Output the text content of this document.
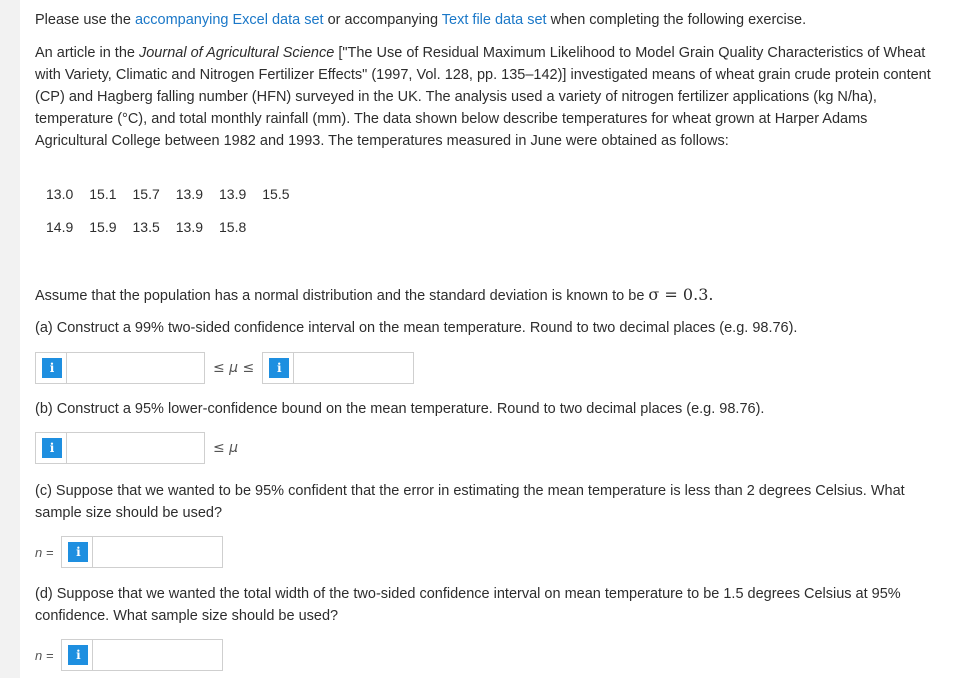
Please use the accompanying Excel data set or accompanying Text file data set when completing the following exercise.

An article in the Journal of Agricultural Science ["The Use of Residual Maximum Likelihood to Model Grain Quality Characteristics of Wheat with Variety, Climatic and Nitrogen Fertilizer Effects" (1997, Vol. 128, pp. 135–142)] investigated means of wheat grain crude protein content (CP) and Hagberg falling number (HFN) surveyed in the UK. The analysis used a variety of nitrogen fertilizer applications (kg N/ha), temperature (°C), and total monthly rainfall (mm). The data shown below describe temperatures for wheat grown at Harper Adams Agricultural College between 1982 and 1993. The temperatures measured in June were obtained as follows:

13.0 15.1 15.7 13.9 13.9 15.5
14.9 15.9 13.5 13.9 15.8

Assume that the population has a normal distribution and the standard deviation is known to be σ = 0.3.

(a) Construct a 99% two-sided confidence interval on the mean temperature. Round to two decimal places (e.g. 98.76).

i	≤ μ ≤	i

(b) Construct a 95% lower-confidence bound on the mean temperature. Round to two decimal places (e.g. 98.76).

i	≤ μ

(c) Suppose that we wanted to be 95% confident that the error in estimating the mean temperature is less than 2 degrees Celsius. What sample size should be used?

n =	i

(d) Suppose that we wanted the total width of the two-sided confidence interval on mean temperature to be 1.5 degrees Celsius at 95% confidence. What sample size should be used?

n =	i
